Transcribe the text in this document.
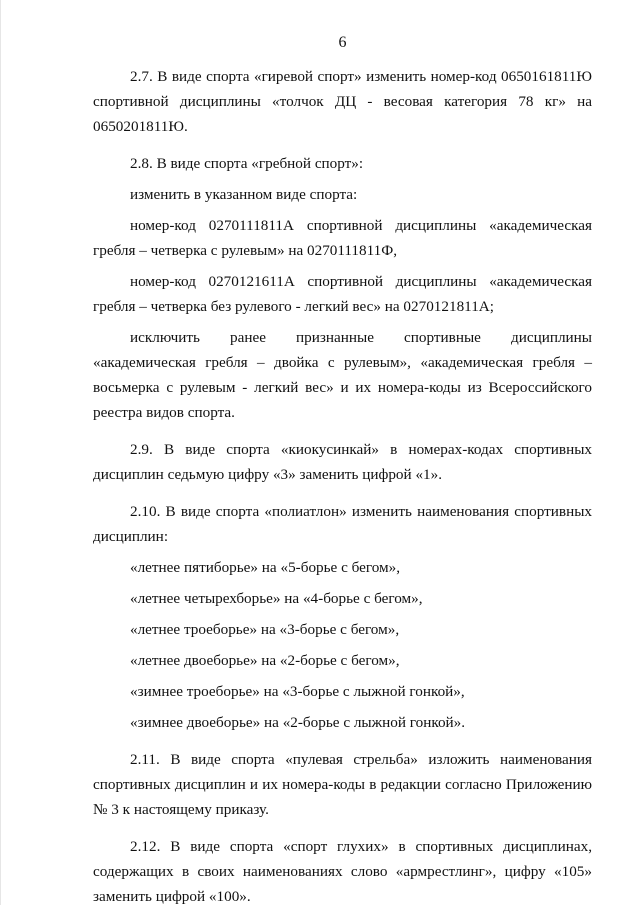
6

2.7. В виде спорта «гиревой спорт» изменить номер-код 0650161811Ю спортивной дисциплины «толчок ДЦ - весовая категория 78 кг» на 0650201811Ю.

2.8. В виде спорта «гребной спорт»:

изменить в указанном виде спорта:

номер-код 0270111811А спортивной дисциплины «академическая гребля – четверка с рулевым» на 0270111811Ф,

номер-код 0270121611А спортивной дисциплины «академическая гребля – четверка без рулевого - легкий вес» на 0270121811А;

исключить ранее признанные спортивные дисциплины «академическая гребля – двойка с рулевым», «академическая гребля – восьмерка с рулевым - легкий вес» и их номера-коды из Всероссийского реестра видов спорта.

2.9. В виде спорта «киокусинкай» в номерах-кодах спортивных дисциплин седьмую цифру «3» заменить цифрой «1».

2.10. В виде спорта «полиатлон» изменить наименования спортивных дисциплин:

«летнее пятиборье» на «5-борье с бегом»,

«летнее четырехборье» на «4-борье с бегом»,

«летнее троеборье» на «3-борье с бегом»,

«летнее двоеборье» на «2-борье с бегом»,

«зимнее троеборье» на «3-борье с лыжной гонкой»,

«зимнее двоеборье» на «2-борье с лыжной гонкой».

2.11. В виде спорта «пулевая стрельба» изложить наименования спортивных дисциплин и их номера-коды в редакции согласно Приложению № 3 к настоящему приказу.

2.12. В виде спорта «спорт глухих» в спортивных дисциплинах, содержащих в своих наименованиях слово «армрестлинг», цифру «105» заменить цифрой «100».
